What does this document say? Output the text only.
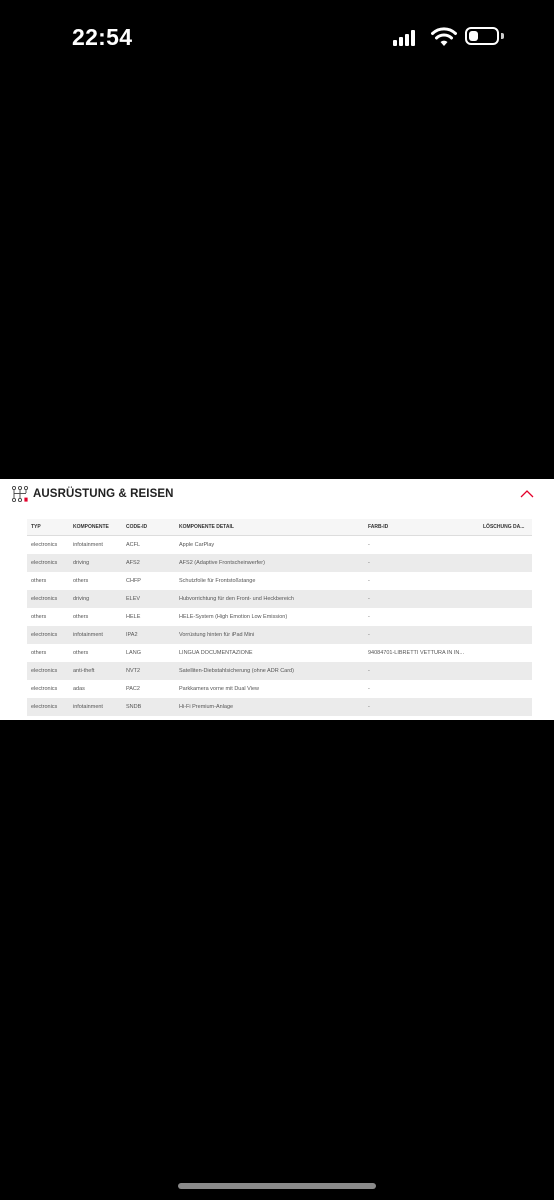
22:54
AUSRÜSTUNG & REISEN
TYP	KOMPONENTE	CODE-ID	KOMPONENTE DETAIL	FARB-ID	LÖSCHUNG DA...
electronics	infotainment	ACFL	Apple CarPlay	-	
electronics	driving	AFS2	AFS2 (Adaptive Frontscheinwerfer)	-	
others	others	CHFP	Schutzfolie für Frontstoßstange	-	
electronics	driving	ELEV	Hubvorrichtung für den Front- und Heckbereich	-	
others	others	HELE	HELE-System (High Emotion Low Emission)	-	
electronics	infotainment	IPA2	Vorrüstung hinten für iPad Mini	-	
others	others	LANG	LINGUA DOCUMENTAZIONE	94084701-LIBRETTI VETTURA IN IN...	
electronics	anti-theft	NVT2	Satelliten-Diebstahlsicherung (ohne ADR Card)	-	
electronics	adas	PAC2	Parkkamera vorne mit Dual View	-	
electronics	infotainment	SNDB	Hi-Fi Premium-Anlage	-	
